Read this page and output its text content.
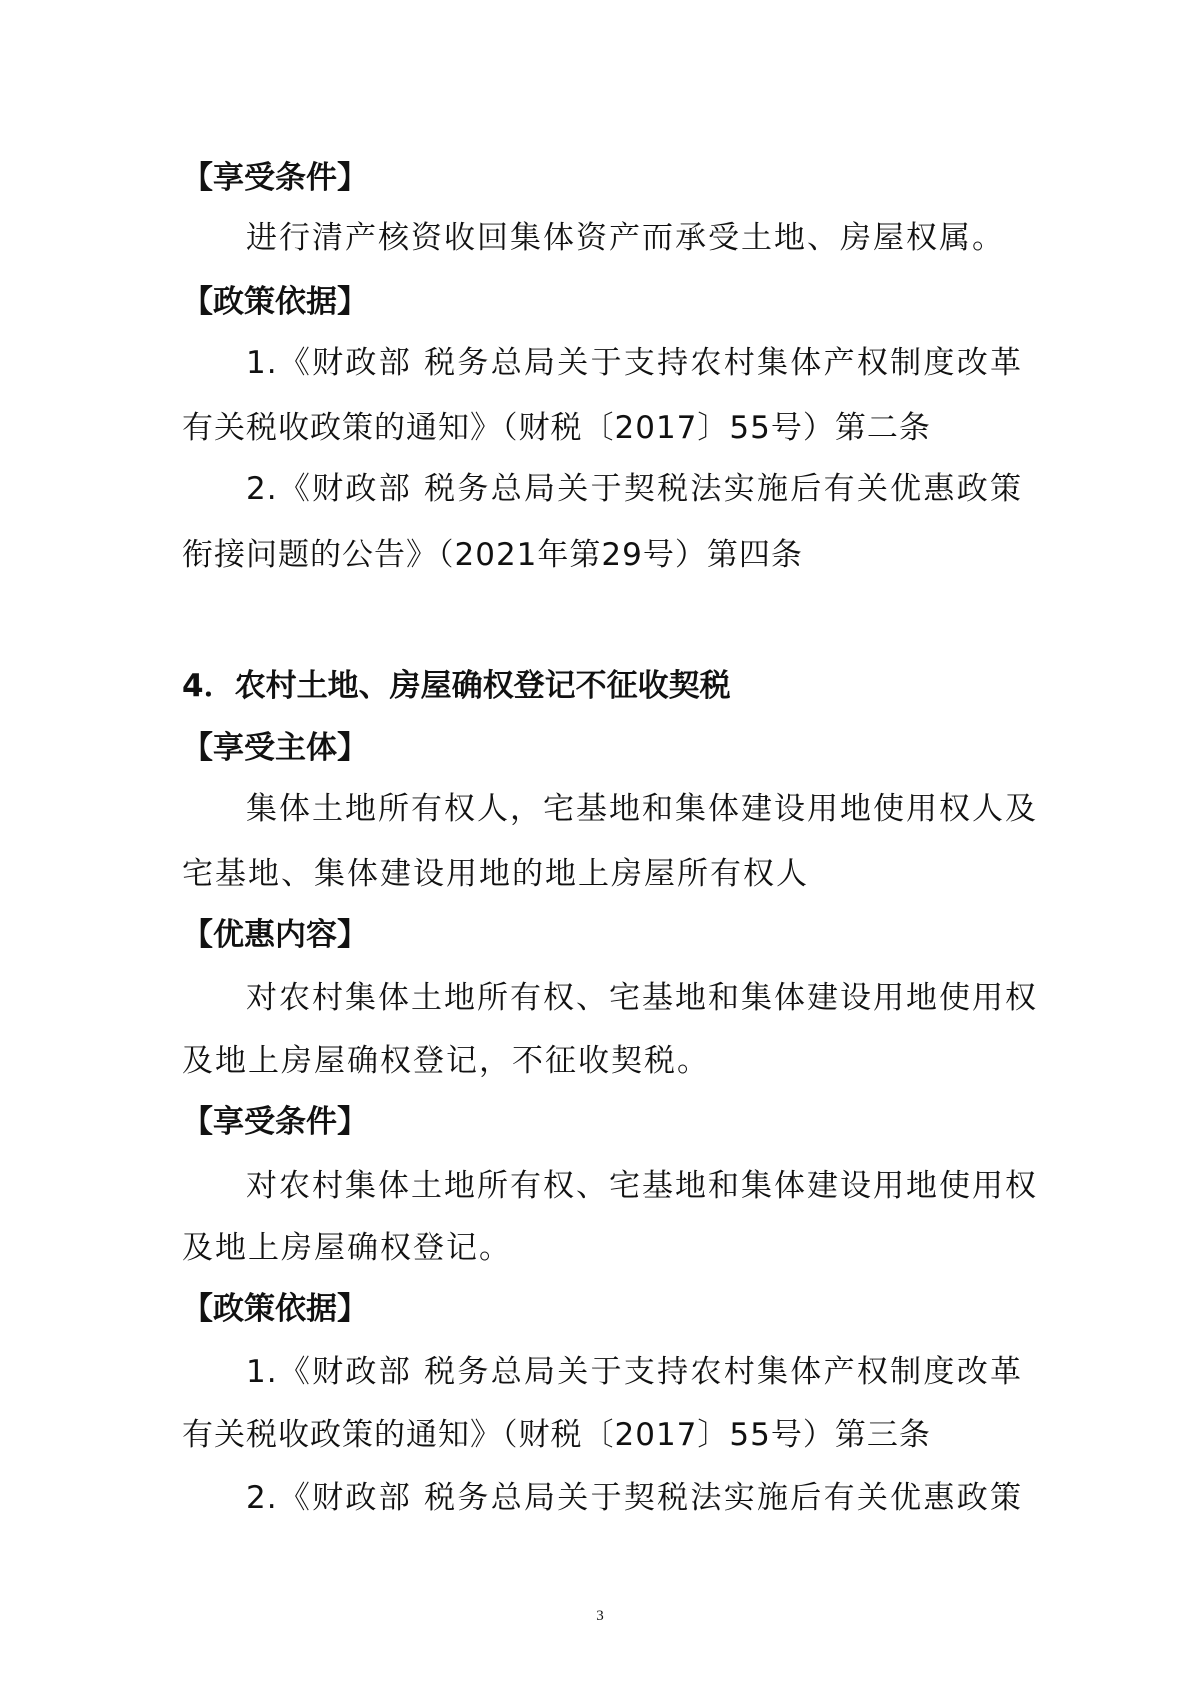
【享受条件】
进行清产核资收回集体资产而承受土地、房屋权属。
【政策依据】
1.《财政部 税务总局关于支持农村集体产权制度改革
有关税收政策的通知》（财税〔2017〕55号）第二条
2.《财政部 税务总局关于契税法实施后有关优惠政策
衔接问题的公告》（2021年第29号）第四条
4．农村土地、房屋确权登记不征收契税
【享受主体】
集体土地所有权人，宅基地和集体建设用地使用权人及
宅基地、集体建设用地的地上房屋所有权人
【优惠内容】
对农村集体土地所有权、宅基地和集体建设用地使用权
及地上房屋确权登记，不征收契税。
【享受条件】
对农村集体土地所有权、宅基地和集体建设用地使用权
及地上房屋确权登记。
【政策依据】
1.《财政部 税务总局关于支持农村集体产权制度改革
有关税收政策的通知》（财税〔2017〕55号）第三条
2.《财政部 税务总局关于契税法实施后有关优惠政策
3
